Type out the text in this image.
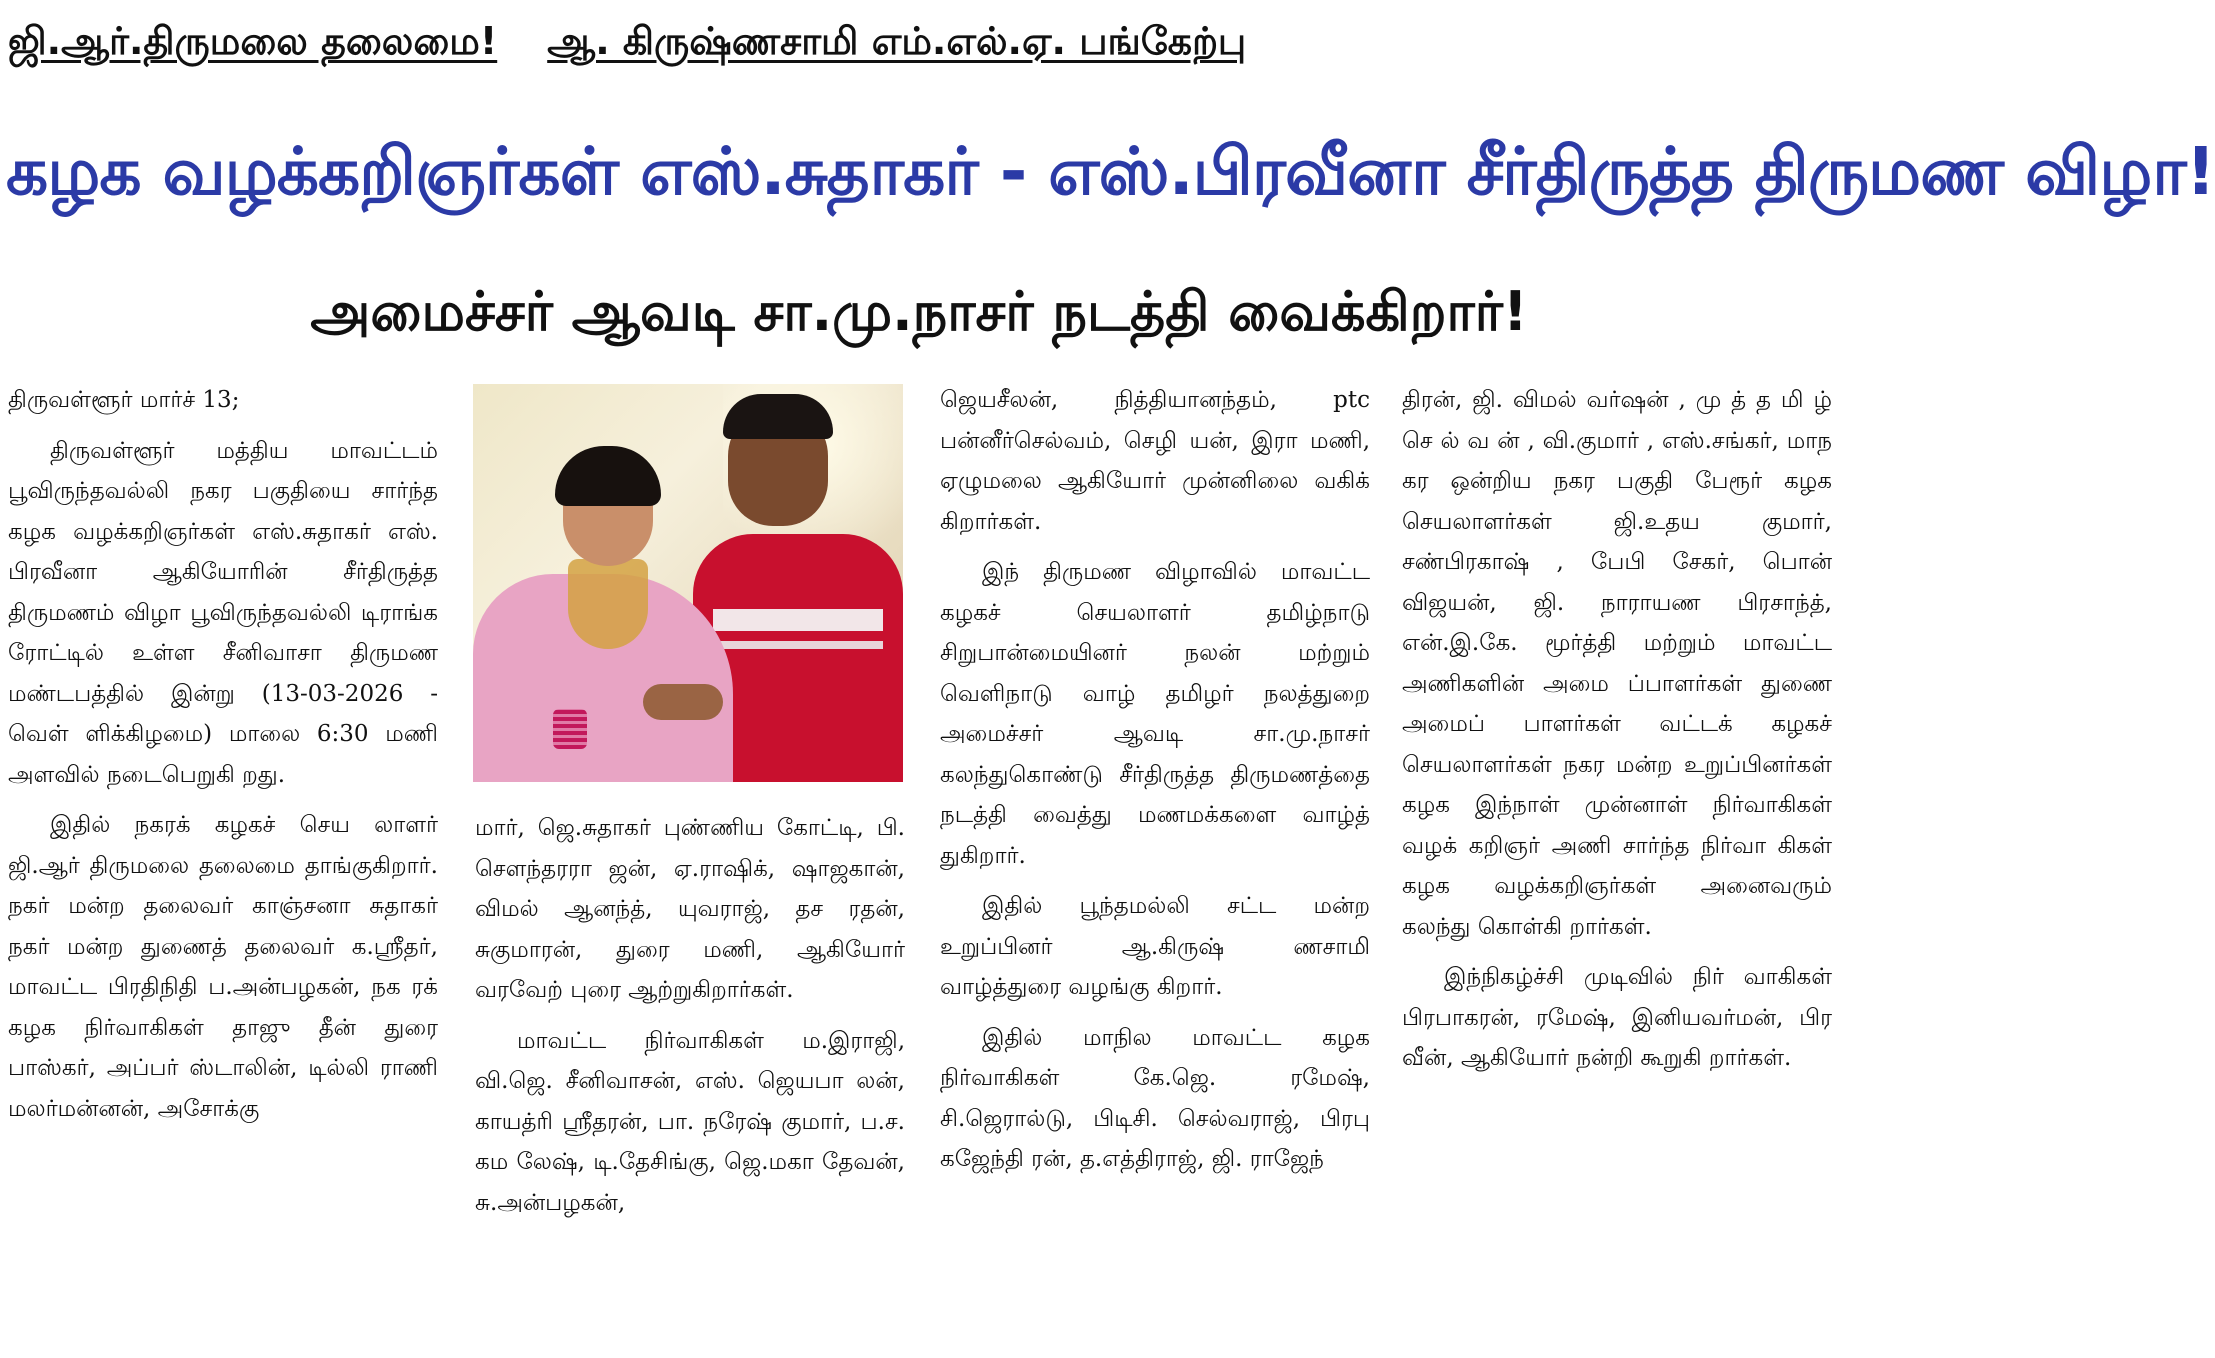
ஜி.ஆர்.திருமலை தலைமை! ஆ. கிருஷ்ணசாமி எம்.எல்.ஏ. பங்கேற்பு
கழக வழக்கறிஞர்கள் எஸ்.சுதாகர் - எஸ்.பிரவீனா சீர்திருத்த திருமண விழா!
அமைச்சர் ஆவடி சா.மு.நாசர் நடத்தி வைக்கிறார்!

திருவள்ளூர் மார்ச் 13;

திருவள்ளூர் மத்திய மாவட்டம் பூவிருந்தவல்லி நகர பகுதியை சார்ந்த கழக வழக்கறிஞர்கள் எஸ்.சுதாகர் எஸ். பிரவீனா ஆகியோரின் சீர்திருத்த திருமணம் விழா பூவிருந்தவல்லி டிராங்க ரோட்டில் உள்ள சீனிவாசா திருமண மண்டபத்தில் இன்று (13-03-2026 - வெள் ளிக்கிழமை) மாலை 6:30 மணி அளவில் நடைபெறுகி றது.

இதில் நகரக் கழகச் செய லாளர் ஜி.ஆர் திருமலை தலைமை தாங்குகிறார். நகர் மன்ற தலைவர் காஞ்சனா சுதாகர் நகர் மன்ற துணைத் தலைவர் க.ஸ்ரீதர், மாவட்ட பிரதிநிதி ப.அன்பழகன், நக ரக் கழக நிர்வாகிகள் தாஜு தீன் துரை பாஸ்கர், அப்பர் ஸ்டாலின், டில்லி ராணி மலர்மன்னன், அசோக்கு

மார், ஜெ.சுதாகர் புண்ணிய கோட்டி, பி. சௌந்தரரா ஜன், ஏ.ராஷிக், ஷாஜகான், விமல் ஆனந்த், யுவராஜ், தச ரதன், சுகுமாரன், துரை மணி, ஆகியோர் வரவேற் புரை ஆற்றுகிறார்கள்.

மாவட்ட நிர்வாகிகள் ம.இராஜி, வி.ஜெ. சீனிவாசன், எஸ். ஜெயபா லன், காயத்ரி ஸ்ரீதரன், பா. நரேஷ் குமார், ப.ச. கம லேஷ், டி.தேசிங்கு, ஜெ.மகா தேவன், சு.அன்பழகன்,

ஜெயசீலன், நித்தியானந்தம், ptc பன்னீர்செல்வம், செழி யன், இரா மணி, ஏழுமலை ஆகியோர் முன்னிலை வகிக் கிறார்கள்.

இந் திருமண விழாவில் மாவட்ட கழகச் செயலாளர் தமிழ்நாடு சிறுபான்மையினர் நலன் மற்றும் வெளிநாடு வாழ் தமிழர் நலத்துறை அமைச்சர் ஆவடி சா.மு.நாசர் கலந்துகொண்டு சீர்திருத்த திருமணத்தை நடத்தி வைத்து மணமக்களை வாழ்த் துகிறார்.

இதில் பூந்தமல்லி சட்ட மன்ற உறுப்பினர் ஆ.கிருஷ் ணசாமி வாழ்த்துரை வழங்கு கிறார்.

இதில் மாநில மாவட்ட கழக நிர்வாகிகள் கே.ஜெ. ரமேஷ், சி.ஜெரால்டு, பிடிசி. செல்வராஜ், பிரபு கஜேந்தி ரன், த.எத்திராஜ், ஜி. ராஜேந்

திரன், ஜி. விமல் வர்ஷன் , மு த் த மி ழ் செ ல் வ ன் , வி.குமார் , எஸ்.சங்கர், மாந கர ஒன்றிய நகர பகுதி பேரூர் கழக செயலாளர்கள் ஜி.உதய குமார், சண்பிரகாஷ் , பேபி சேகர், பொன் விஜயன், ஜி. நாராயண பிரசாந்த், என்.இ.கே. மூர்த்தி மற்றும் மாவட்ட அணிகளின் அமை ப்பாளர்கள் துணை அமைப் பாளர்கள் வட்டக் கழகச் செயலாளர்கள் நகர மன்ற உறுப்பினர்கள் கழக இந்நாள் முன்னாள் நிர்வாகிகள் வழக் கறிஞர் அணி சார்ந்த நிர்வா கிகள் கழக வழக்கறிஞர்கள் அனைவரும் கலந்து கொள்கி றார்கள்.

இந்நிகழ்ச்சி முடிவில் நிர் வாகிகள் பிரபாகரன், ரமேஷ், இனியவர்மன், பிர வீன், ஆகியோர் நன்றி கூறுகி றார்கள்.
